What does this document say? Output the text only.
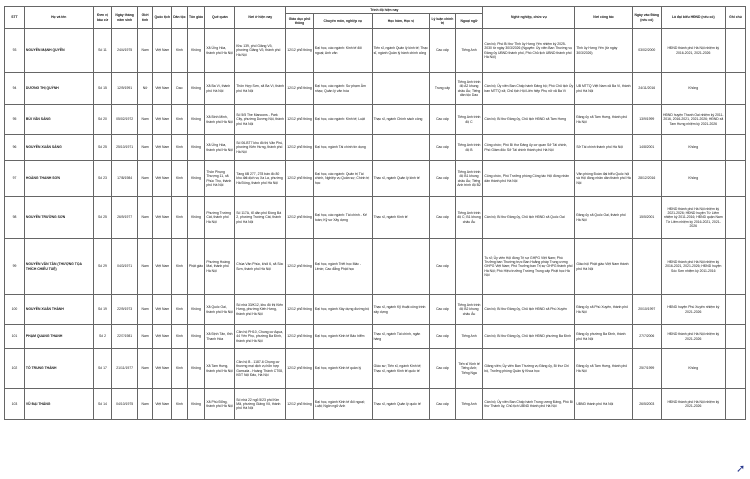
STT	Họ và tên	Đơn vị bầu cử	Ngày tháng năm sinh	Giới tính	Quốc tịch	Dân tộc	Tôn giáo	Quê quán	Nơi ở hiện nay	Trình độ hiện nay					Nghề nghiệp, chức vụ	Nơi công tác	Ngày vào Đảng (nếu có)	Là đại biểu HĐND (nếu có)	Ghi chú
										Giáo dục phổ thông	Chuyên môn, nghiệp vụ	Học hàm, Học vị	Lý luận chính trị	Ngoại ngữ					
93	NGUYỄN MẠNH QUYỀN	Số 11	24/4/1975	Nam	Việt Nam	Kinh	Không	Xã Ứng Hòa, thành phố Hà Nội	Khu 139, phố Giảng Võ, phường Giảng Võ, thành phố Hà Nội	12/12 phổ thông	Đại học, các ngành: Kinh tế đối ngoại; Anh văn	Tiến sĩ, ngành Quản lý kinh tế; Thạc sĩ, ngành Quản lý hành chính công	Cao cấp	Tiếng Anh	Cán bộ; Phó Bí thư Tỉnh ủy Hưng Yên nhiệm kỳ 2025-2030 từ ngày 30/3/2026 (Nguyên: Ủy viên Ban Thường vụ Đảng ủy UBND thành phố, Phó Chủ tịch UBND thành phố Hà Nội)	Tỉnh ủy Hưng Yên (từ ngày 30/3/2026)	03/02/2000	HĐND thành phố Hà Nội nhiệm kỳ 2016-2021, 2021-2026	
94	DƯƠNG THỊ QUỲNH	Số 15	12/9/1991	Nữ	Việt Nam	Dao	Không	Xã Ba Vì, thành phố Hà Nội	Thôn Hợp Sơn, xã Ba Vì, thành phố Hà Nội	12/12 phổ thông	Đại học, các ngành: Sư phạm Âm nhạc; Quản lý văn hóa		Trung cấp	Tiếng Anh trình độ A2 khung châu Âu; Tiếng dân tộc Dao	Cán bộ; Ủy viên Ban Chấp hành Đảng bộ; Phó Chủ tịch Ủy ban MTTQ xã; Chủ tịch Hội Liên hiệp Phụ nữ xã Ba Vì	UB MTTQ Việt Nam xã Ba Vì, thành phố Hà Nội	24/11/2016	Không	
95	BÙI VĂN SÁNG	Số 20	05/02/1972	Nam	Việt Nam	Kinh	Không	Xã Bình Minh, thành phố Hà Nội	Số 5/5 The Manoons - Park City, phường Dương Nội, thành phố Hà Nội	12/12 phổ thông	Đại học, các ngành: Kinh tế; Luật	Thạc sĩ, ngành Chính sách công	Cao cấp	Tiếng Anh trình độ C	Cán bộ; Bí thư Đảng ủy, Chủ tịch HĐND xã Tam Hưng	Đảng ủy xã Tam Hưng, thành phố Hà Nội	13/9/1999	HĐND huyện Thanh Oai nhiệm kỳ 2011-2016, 2016-2021, 2021-2026; HĐND xã Tam Hưng nhiệm kỳ 2021-2026	
96	NGUYỄN XUÂN SÁNG	Số 25	25/10/1971	Nam	Việt Nam	Kinh	Không	Xã Ứng Hòa, thành phố Hà Nội	Số 06-BT7 khu đô thị Văn Phú, phường Kiến Hưng, thành phố Hà Nội	12/12 phổ thông	Đại học, ngành Tài chính tín dụng		Cao cấp	Tiếng Anh trình độ B	Công chức; Phó Bí thư Đảng ủy cơ quan Sở Tài chính, Phó Giám đốc Sở Tài chính thành phố Hà Nội	Sở Tài chính thành phố Hà Nội	14/8/2001	Không	
97	HOÀNG THANH SƠN	Số 23	17/8/1984	Nam	Việt Nam	Kinh	Không	Thôn Phụng Thượng 11, xã Phúc Thọ, thành phố Hà Nội	Tầng 6B 277, 278 bán đồ 80 khu đất dịch vụ Xa La, phường Hà Đông, thành phố Hà Nội	12/12 phổ thông	Đại học, các ngành: Quản trị Tài chính, Nghiệp vụ Quân sự; Chính trị học	Thạc sĩ, ngành Quản lý kinh tế	Cao cấp	Tiếng Anh trình độ B1 khung châu Âu; Tiếng Anh trình độ B2	Công chức, Phó Trưởng phòng Công tác Hội đồng nhân dân thành phố Hà Nội	Văn phòng Đoàn đại biểu Quốc hội và Hội đồng nhân dân thành phố Hà Nội	28/12/2016	Không	
98	NGUYỄN TRƯỜNG SƠN	Số 25	26/9/1977	Nam	Việt Nam	Kinh	Không	Phường Trường Cát, thành phố Hà Nội	Số 117A, tổ dân phố Đồng Bá 2, phường Trường Cát, thành phố Hà Nội	12/12 phổ thông	Đại học, các ngành: Tài chính - Kế toán; Kỹ sư Xây dựng	Thạc sĩ, ngành Kinh tế	Cao cấp	Tiếng Anh trình độ C; B1 khung châu Âu	Cán bộ; Bí thư Đảng ủy, Chủ tịch HĐND xã Quốc Oai	Đảng ủy xã Quốc Oai, thành phố Hà Nội	15/5/2001	HĐND thành phố Hà Nội nhiệm kỳ 2021-2026; HĐND huyện Từ Liêm nhiệm kỳ 2011-2016; HĐND quận Nam Từ Liêm nhiệm kỳ 2016-2021, 2021-2026	
99	NGUYỄN VĂN TÂN (THƯỢNG TỌA THÍCH CHIẾU TUỆ)	Số 29	04/3/1971	Nam	Việt Nam	Kinh	Phật giáo	Phường Hoàng Mai, thành phố Hà Nội	Chùa Vân Phúc, khối 6, xã Sóc Sơn, thành phố Hà Nội	12/12 phổ thông	Đại học, ngành Triết học Mác - Lênin; Cao đẳng Phật học		Cao cấp		Tu sĩ; Ủy viên Hội đồng Trị sự GHPG Việt Nam; Phó Trưởng ban Thường trực Ban Hoằng pháp Trung ương GHPG Việt Nam; Phó Trưởng ban Trị sự GHPG thành phố Hà Nội; Phó Hiệu trưởng Trường Trung cấp Phật học Hà Nội	Giáo hội Phật giáo Việt Nam thành phố Hà Nội		HĐND thành phố Hà Nội nhiệm kỳ 2016-2021, 2021-2026; HĐND huyện Sóc Sơn nhiệm kỳ 2011-2016	
100	NGUYỄN XUÂN THÀNH	Số 19	22/9/1973	Nam	Việt Nam	Kinh	Không	Xã Quốc Oai, thành phố Hà Nội	Số nhà 33/K12, khu đô thị Kiến Hưng, phường Kiến Hưng, thành phố Hà Nội	12/12 phổ thông	Đại học, ngành Xây dựng đường bộ	Thạc sĩ, ngành Kỹ thuật công trình xây dựng	Cao cấp	Tiếng Anh trình độ B2 khung châu Âu	Cán bộ; Bí thư Đảng ủy, Chủ tịch HĐND xã Phú Xuyên	Đảng ủy xã Phú Xuyên, thành phố Hà Nội	20/10/1997	HĐND huyện Phú Xuyên nhiệm kỳ 2021-2026	
101	PHẠM QUANG THANH	Số 2	22/7/1981	Nam	Việt Nam	Kinh	Không	Xã Định Tân, tỉnh Thanh Hóa	Căn hộ PH10, Chung cư Aqua, 44 Yên Phụ, phường Ba Đình, thành phố Hà Nội	12/12 phổ thông	Đại học, ngành Kinh tế Bảo hiểm	Thạc sĩ, ngành Tài chính, ngân hàng	Cao cấp	Tiếng Anh	Cán bộ; Bí thư Đảng ủy, Chủ tịch HĐND phường Ba Đình	Đảng ủy phường Ba Đình, thành phố Hà Nội	27/7/2006	HĐND thành phố Hà Nội nhiệm kỳ 2021-2026	
102	TÔ TRUNG THÀNH	Số 17	21/11/1977	Nam	Việt Nam	Kinh	Không	Xã Tam Hưng, thành phố Hà Nội	Căn hộ B - 1187-6 Chung cư thương mại dịch vụ hỗn hợp Gamuda - Hoàng Thành CT08, KĐT Nội Đảo, Hà Nội	12/12 phổ thông	Đại học, ngành Kinh tế quản lý	Giáo sư; Tiến sĩ, ngành Kinh tế; Thạc sĩ, ngành Kinh tế quốc tế	Cao cấp	Tiến sĩ Kinh tế Tiếng Anh; Tiếng Nga	Giảng viên; Ủy viên Ban Thường vụ Đảng ủy, Bí thư Chi bộ, Trưởng phòng Quản lý Khoa học	Đảng ủy xã Tam Hưng, thành phố Hà Nội	25/7/1999	Không	
103	VŨ ĐẠI THẮNG	Số 14	04/10/1975	Nam	Việt Nam	Kinh	Không	Xã Phù Đổng, thành phố Hà Nội	Số nhà 22 ngõ 5/23 phố Kim Mã, phường Giảng Võ, thành phố Hà Nội	12/12 phổ thông	Đại học, ngành Kinh tế đối ngoại; Luật; Ngôn ngữ Anh	Thạc sĩ, ngành Quản lý quốc tế	Cao cấp	Tiếng Anh	Cán bộ; Ủy viên Ban Chấp hành Trung ương Đảng, Phó Bí thư Thành ủy, Chủ tịch UBND thành phố Hà Nội	UBND thành phố Hà Nội	26/5/2003	HĐND thành phố Hà Nội nhiệm kỳ 2021-2026	
➚
